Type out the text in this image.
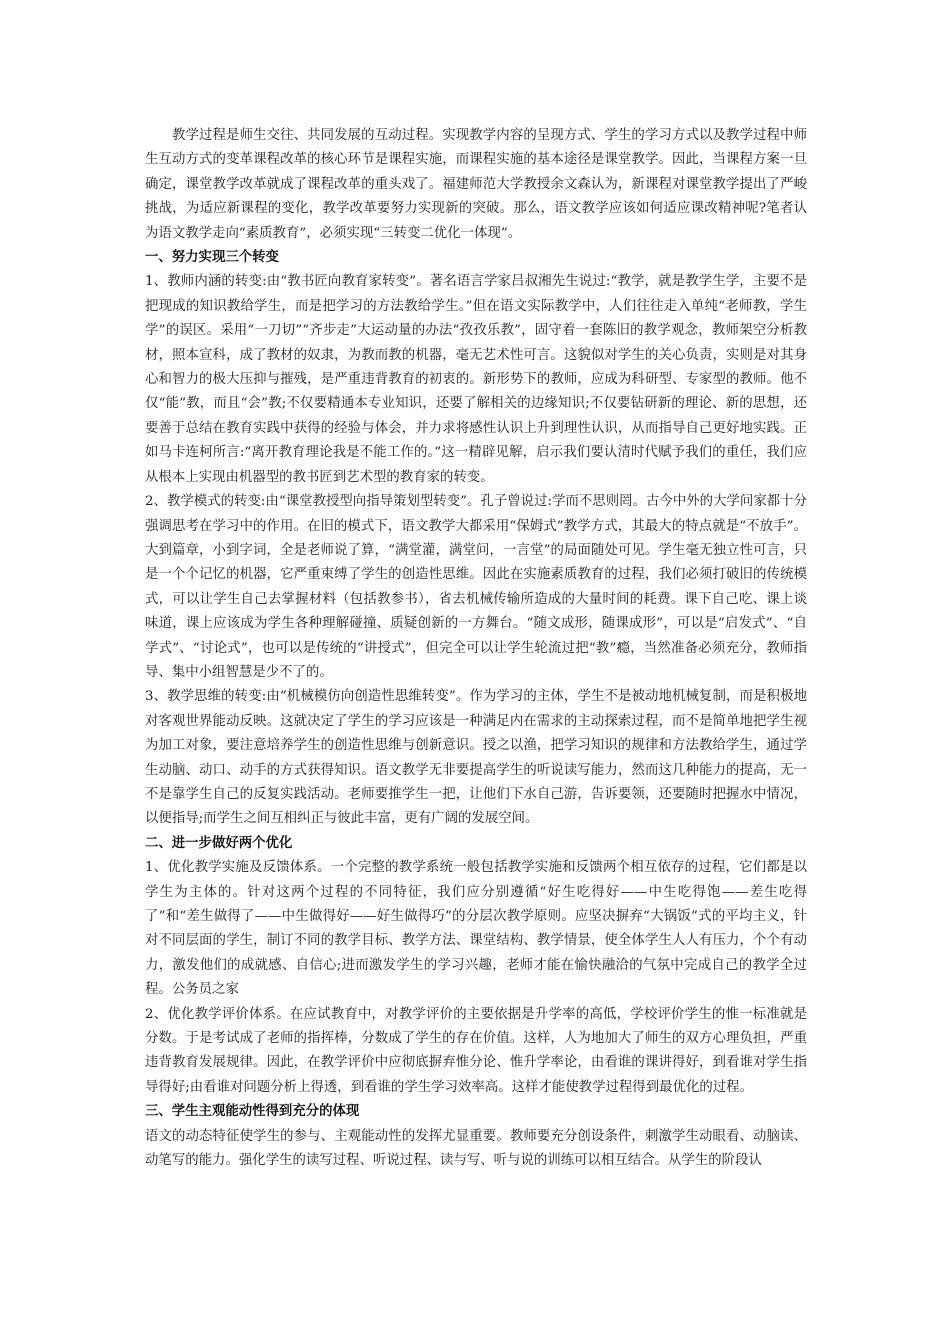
教学过程是师生交往、共同发展的互动过程。实现教学内容的呈现方式、学生的学习方式以及教学过程中师生互动方式的变革课程改革的核心环节是课程实施，而课程实施的基本途径是课堂教学。因此，当课程方案一旦确定，课堂教学改革就成了课程改革的重头戏了。福建师范大学教授余文森认为，新课程对课堂教学提出了严峻挑战，为适应新课程的变化，教学改革要努力实现新的突破。那么，语文教学应该如何适应课改精神呢?笔者认为语文教学走向“素质教育”，必须实现“三转变二优化一体现”。

一、努力实现三个转变

1、教师内涵的转变:由“教书匠向教育家转变”。著名语言学家吕叔湘先生说过:“教学，就是教学生学，主要不是把现成的知识教给学生，而是把学习的方法教给学生。”但在语文实际教学中，人们往往走入单纯“老师教，学生学”的误区。采用“一刀切”“齐步走”大运动量的办法“孜孜乐教”，固守着一套陈旧的教学观念，教师架空分析教材，照本宣科，成了教材的奴隶，为教而教的机器，毫无艺术性可言。这貌似对学生的关心负责，实则是对其身心和智力的极大压抑与摧残，是严重违背教育的初衷的。新形势下的教师，应成为科研型、专家型的教师。他不仅“能”教，而且“会”教;不仅要精通本专业知识，还要了解相关的边缘知识;不仅要钻研新的理论、新的思想，还要善于总结在教育实践中获得的经验与体会，并力求将感性认识上升到理性认识，从而指导自己更好地实践。正如马卡连柯所言:“离开教育理论我是不能工作的。”这一精辟见解，启示我们要认清时代赋予我们的重任，我们应从根本上实现由机器型的教书匠到艺术型的教育家的转变。

2、教学模式的转变:由“课堂教授型向指导策划型转变”。孔子曾说过:学而不思则罔。古今中外的大学问家都十分强调思考在学习中的作用。在旧的模式下，语文教学大都采用“保姆式”教学方式，其最大的特点就是“不放手”。大到篇章，小到字词，全是老师说了算，“满堂灌，满堂问，一言堂”的局面随处可见。学生毫无独立性可言，只是一个个记忆的机器，它严重束缚了学生的创造性思维。因此在实施素质教育的过程，我们必须打破旧的传统模式，可以让学生自己去掌握材料（包括教参书），省去机械传输所造成的大量时间的耗费。课下自己吃、课上谈味道，课上应该成为学生各种理解碰撞、质疑创新的一方舞台。“随文成形，随课成形”，可以是“启发式”、“自学式”、“讨论式”，也可以是传统的“讲授式”，但完全可以让学生轮流过把“教”瘾，当然准备必须充分，教师指导、集中小组智慧是少不了的。

3、教学思维的转变:由“机械模仿向创造性思维转变”。作为学习的主体，学生不是被动地机械复制，而是积极地对客观世界能动反映。这就决定了学生的学习应该是一种满足内在需求的主动探索过程，而不是简单地把学生视为加工对象，要注意培养学生的创造性思维与创新意识。授之以渔，把学习知识的规律和方法教给学生，通过学生动脑、动口、动手的方式获得知识。语文教学无非要提高学生的听说读写能力，然而这几种能力的提高，无一不是靠学生自己的反复实践活动。老师要推学生一把，让他们下水自己游，告诉要领，还要随时把握水中情况，以便指导;而学生之间互相纠正与彼此丰富，更有广阔的发展空间。

二、进一步做好两个优化

1、优化教学实施及反馈体系。一个完整的教学系统一般包括教学实施和反馈两个相互依存的过程，它们都是以学生为主体的。针对这两个过程的不同特征，我们应分别遵循“好生吃得好——中生吃得饱——差生吃得了”和“差生做得了——中生做得好——好生做得巧”的分层次教学原则。应坚决摒弃“大锅饭”式的平均主义，针对不同层面的学生，制订不同的教学目标、教学方法、课堂结构、教学情景，使全体学生人人有压力，个个有动力，激发他们的成就感、自信心;进而激发学生的学习兴趣，老师才能在愉快融洽的气氛中完成自己的教学全过程。公务员之家

2、优化教学评价体系。在应试教育中，对教学评价的主要依据是升学率的高低，学校评价学生的惟一标准就是分数。于是考试成了老师的指挥棒，分数成了学生的存在价值。这样，人为地加大了师生的双方心理负担，严重违背教育发展规律。因此，在教学评价中应彻底摒弃惟分论、惟升学率论，由看谁的课讲得好，到看谁对学生指导得好;由看谁对问题分析上得透，到看谁的学生学习效率高。这样才能使教学过程得到最优化的过程。

三、学生主观能动性得到充分的体现

语文的动态特征使学生的参与、主观能动性的发挥尤显重要。教师要充分创设条件，刺激学生动眼看、动脑读、动笔写的能力。强化学生的读写过程、听说过程、读与写、听与说的训练可以相互结合。从学生的阶段认
